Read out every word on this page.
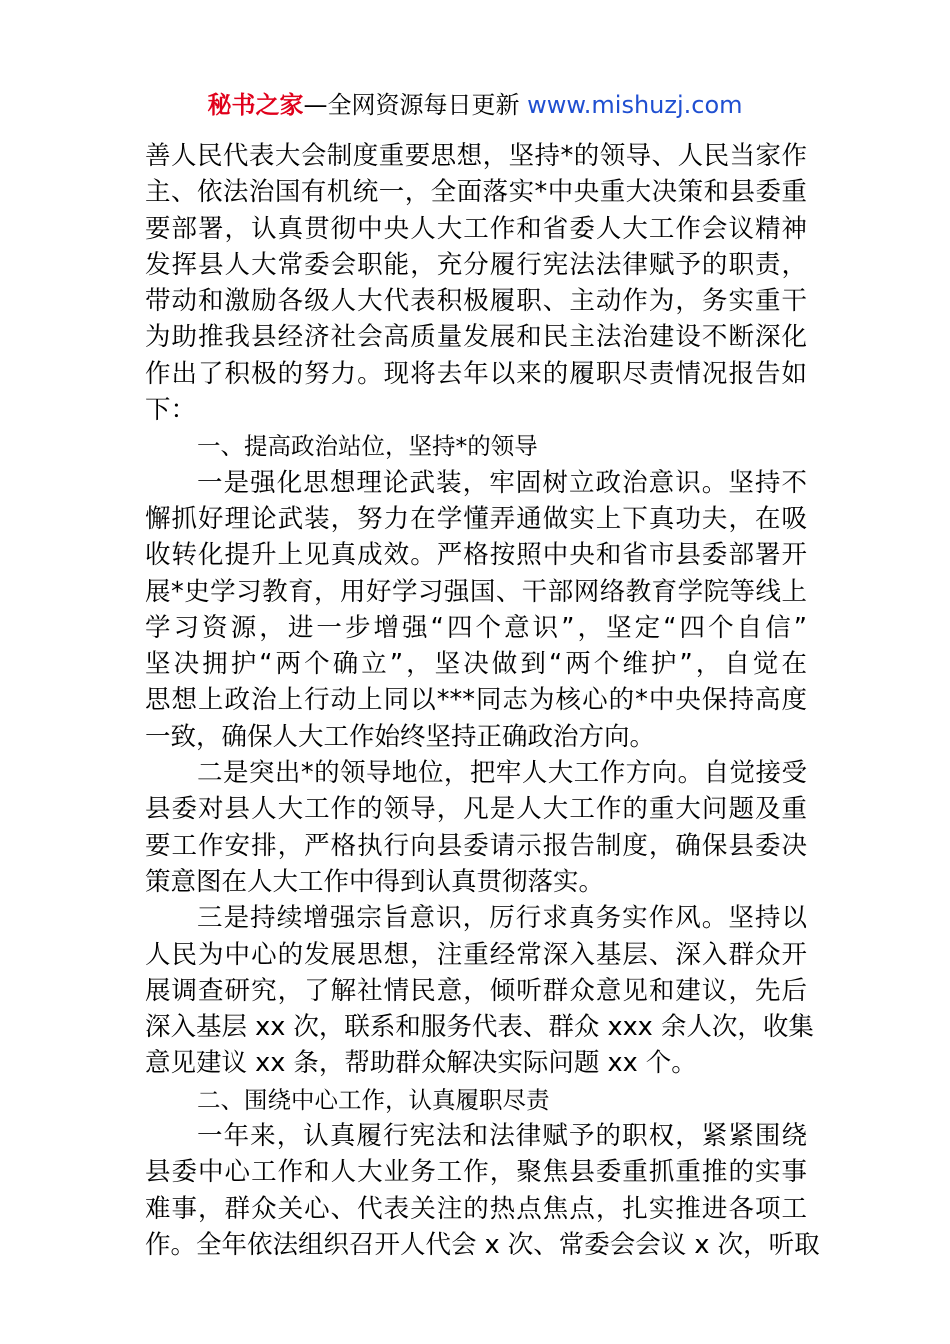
秘书之家—全网资源每日更新 www.mishuzj.com
善人民代表大会制度重要思想，坚持*的领导、人民当家作
主、依法治国有机统一，全面落实*中央重大决策和县委重
要部署，认真贯彻中央人大工作和省委人大工作会议精神
发挥县人大常委会职能，充分履行宪法法律赋予的职责，
带动和激励各级人大代表积极履职、主动作为，务实重干
为助推我县经济社会高质量发展和民主法治建设不断深化
作出了积极的努力。现将去年以来的履职尽责情况报告如
下：
一、提高政治站位，坚持*的领导
一是强化思想理论武装，牢固树立政治意识。坚持不
懈抓好理论武装，努力在学懂弄通做实上下真功夫，在吸
收转化提升上见真成效。严格按照中央和省市县委部署开
展*史学习教育，用好学习强国、干部网络教育学院等线上
学习资源，进一步增强“四个意识”，坚定“四个自信”
坚决拥护“两个确立”，坚决做到“两个维护”，自觉在
思想上政治上行动上同以***同志为核心的*中央保持高度
一致，确保人大工作始终坚持正确政治方向。
二是突出*的领导地位，把牢人大工作方向。自觉接受
县委对县人大工作的领导，凡是人大工作的重大问题及重
要工作安排，严格执行向县委请示报告制度，确保县委决
策意图在人大工作中得到认真贯彻落实。
三是持续增强宗旨意识，厉行求真务实作风。坚持以
人民为中心的发展思想，注重经常深入基层、深入群众开
展调查研究，了解社情民意，倾听群众意见和建议，先后
深入基层 xx 次，联系和服务代表、群众 xxx 余人次，收集
意见建议 xx 条，帮助群众解决实际问题 xx 个。
二、围绕中心工作，认真履职尽责
一年来，认真履行宪法和法律赋予的职权，紧紧围绕
县委中心工作和人大业务工作，聚焦县委重抓重推的实事
难事，群众关心、代表关注的热点焦点，扎实推进各项工
作。全年依法组织召开人代会 x 次、常委会会议 x 次，听取
